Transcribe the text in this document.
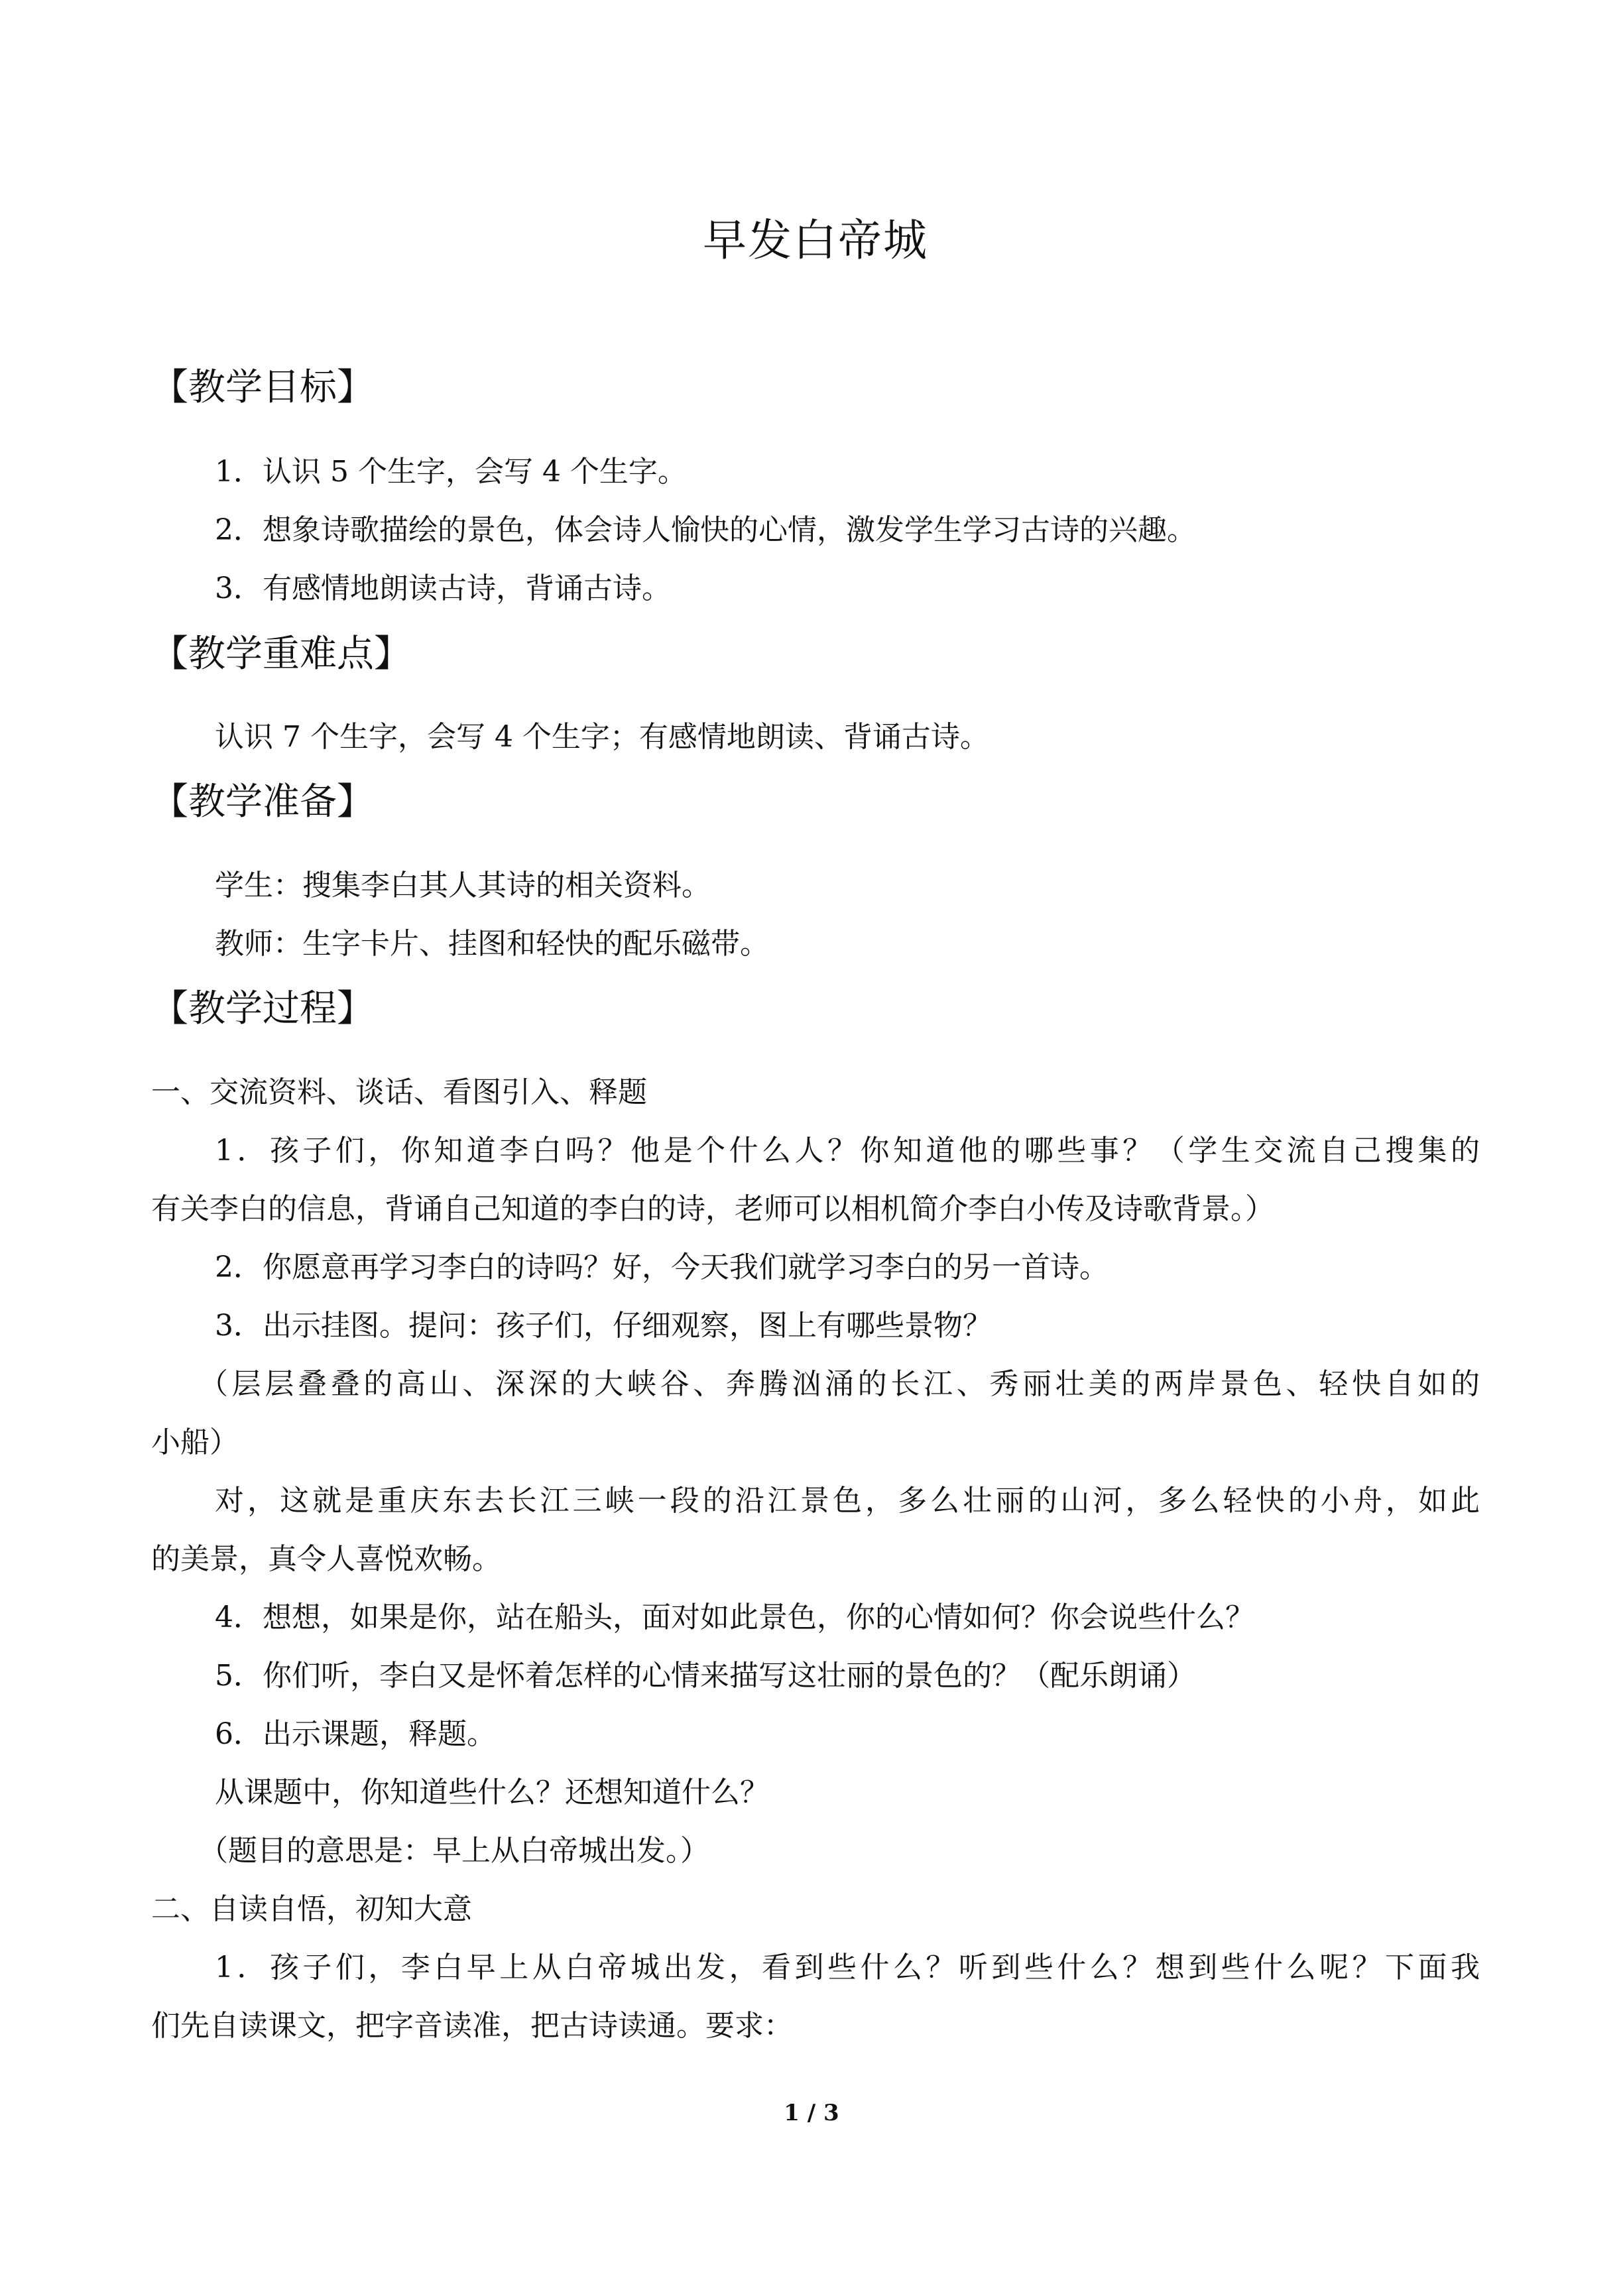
早发白帝城
【教学目标】
1．认识 5 个生字，会写 4 个生字。
2．想象诗歌描绘的景色，体会诗人愉快的心情，激发学生学习古诗的兴趣。
3．有感情地朗读古诗，背诵古诗。
【教学重难点】
认识 7 个生字，会写 4 个生字；有感情地朗读、背诵古诗。
【教学准备】
学生：搜集李白其人其诗的相关资料。
教师：生字卡片、挂图和轻快的配乐磁带。
【教学过程】
一、交流资料、谈话、看图引入、释题
1．孩子们，你知道李白吗？他是个什么人？你知道他的哪些事？（学生交流自己搜集的
有关李白的信息，背诵自己知道的李白的诗，老师可以相机简介李白小传及诗歌背景。）
2．你愿意再学习李白的诗吗？好，今天我们就学习李白的另一首诗。
3．出示挂图。提问：孩子们，仔细观察，图上有哪些景物？
（层层叠叠的高山、深深的大峡谷、奔腾汹涌的长江、秀丽壮美的两岸景色、轻快自如的
小船）
对，这就是重庆东去长江三峡一段的沿江景色，多么壮丽的山河，多么轻快的小舟，如此
的美景，真令人喜悦欢畅。
4．想想，如果是你，站在船头，面对如此景色，你的心情如何？你会说些什么？
5．你们听，李白又是怀着怎样的心情来描写这壮丽的景色的？（配乐朗诵）
6．出示课题，释题。
从课题中，你知道些什么？还想知道什么？
（题目的意思是：早上从白帝城出发。）
二、自读自悟，初知大意
1．孩子们，李白早上从白帝城出发，看到些什么？听到些什么？想到些什么呢？下面我
们先自读课文，把字音读准，把古诗读通。要求：
1 / 3
